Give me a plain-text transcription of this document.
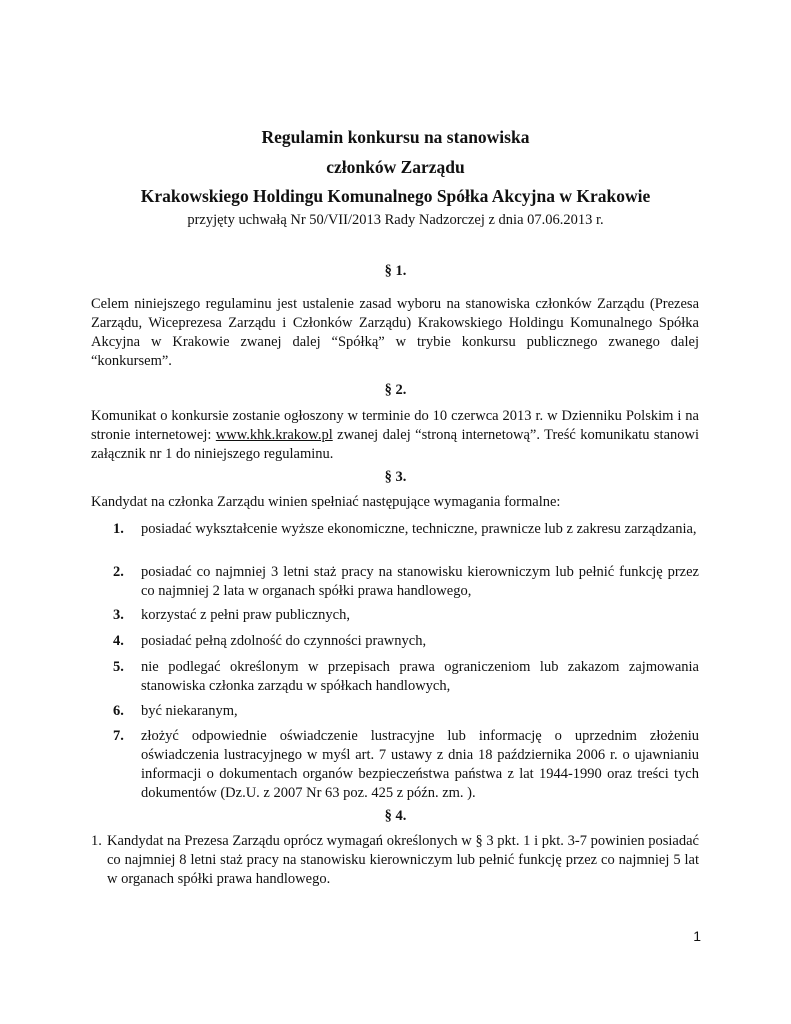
Regulamin konkursu na stanowiska
członków Zarządu
Krakowskiego Holdingu Komunalnego Spółka Akcyjna w Krakowie
przyjęty uchwałą Nr 50/VII/2013 Rady Nadzorczej z dnia 07.06.2013 r.
§ 1.
Celem niniejszego regulaminu jest ustalenie zasad wyboru na stanowiska członków Zarządu (Prezesa Zarządu, Wiceprezesa Zarządu i Członków Zarządu) Krakowskiego Holdingu Komunalnego Spółka Akcyjna w Krakowie zwanej dalej “Spółką” w trybie konkursu publicznego zwanego dalej “konkursem”.
§ 2.
Komunikat o konkursie zostanie ogłoszony w terminie do 10 czerwca 2013 r. w Dzienniku Polskim i na stronie internetowej: www.khk.krakow.pl zwanej dalej “stroną internetową”. Treść komunikatu stanowi załącznik nr 1 do niniejszego regulaminu.
§ 3.
Kandydat na członka Zarządu winien spełniać następujące wymagania formalne:
1.	posiadać wykształcenie wyższe ekonomiczne, techniczne, prawnicze lub z zakresu zarządzania,
2.	posiadać co najmniej 3 letni staż pracy na stanowisku kierowniczym lub pełnić funkcję przez co najmniej 2 lata w organach spółki prawa handlowego,
3.	korzystać z pełni praw publicznych,
4.	posiadać pełną zdolność do czynności prawnych,
5.	nie podlegać określonym w przepisach prawa ograniczeniom lub zakazom zajmowania stanowiska członka zarządu w spółkach handlowych,
6.	być niekaranym,
7.	złożyć odpowiednie oświadczenie lustracyjne lub informację o uprzednim złożeniu oświadczenia lustracyjnego w myśl art. 7 ustawy z dnia 18 października 2006 r. o ujawnianiu informacji o dokumentach organów bezpieczeństwa państwa z lat 1944-1990 oraz treści tych dokumentów (Dz.U. z 2007 Nr 63 poz. 425 z późn. zm. ).
§ 4.
1. Kandydat na Prezesa Zarządu oprócz wymagań określonych w § 3 pkt. 1 i pkt. 3-7 powinien posiadać co najmniej 8 letni staż pracy na stanowisku kierowniczym lub pełnić funkcję przez co najmniej 5 lat w organach spółki prawa handlowego.
1
